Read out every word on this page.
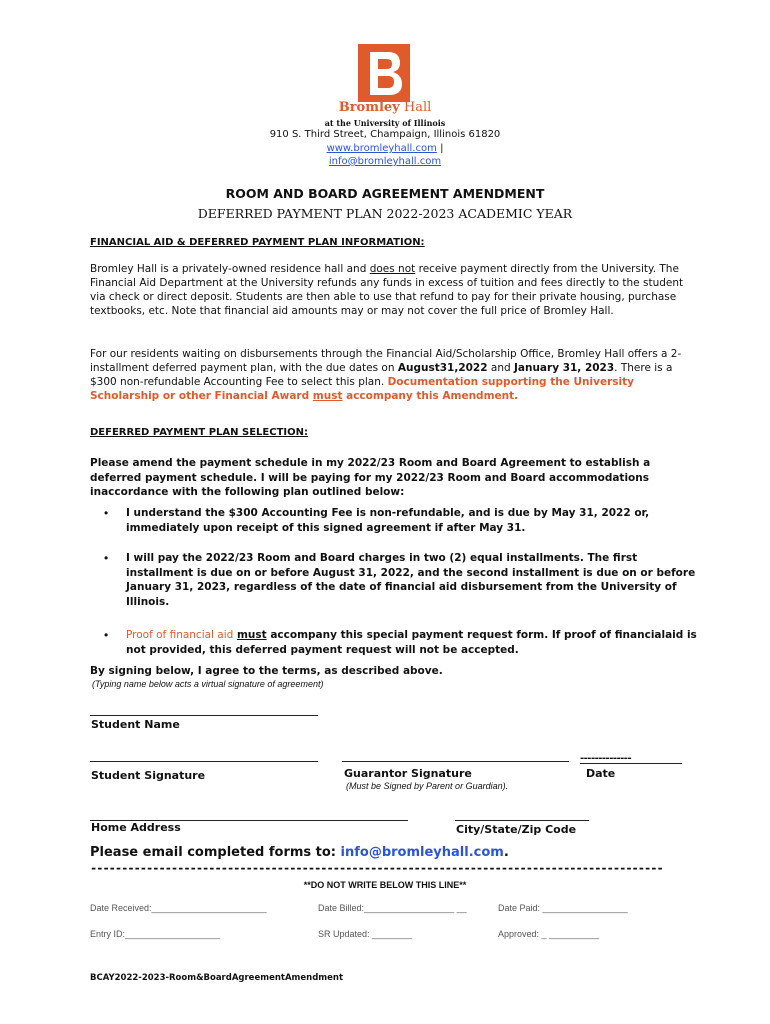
Bromley Hall
at the University of Illinois
910 S. Third Street, Champaign, Illinois 61820
www.bromleyhall.com |
info@bromleyhall.com
ROOM AND BOARD AGREEMENT AMENDMENT
DEFERRED PAYMENT PLAN 2022-2023 ACADEMIC YEAR
FINANCIAL AID & DEFERRED PAYMENT PLAN INFORMATION:
Bromley Hall is a privately-owned residence hall and does not receive payment directly from the University. The Financial Aid Department at the University refunds any funds in excess of tuition and fees directly to the student via check or direct deposit. Students are then able to use that refund to pay for their private housing, purchase textbooks, etc. Note that financial aid amounts may or may not cover the full price of Bromley Hall.
For our residents waiting on disbursements through the Financial Aid/Scholarship Office, Bromley Hall offers a 2-installment deferred payment plan, with the due dates on August31,2022 and January 31, 2023. There is a $300 non-refundable Accounting Fee to select this plan. Documentation supporting the University Scholarship or other Financial Award must accompany this Amendment.
DEFERRED PAYMENT PLAN SELECTION:
Please amend the payment schedule in my 2022/23 Room and Board Agreement to establish a deferred payment schedule. I will be paying for my 2022/23 Room and Board accommodations inaccordance with the following plan outlined below:
• I understand the $300 Accounting Fee is non-refundable, and is due by May 31, 2022 or, immediately upon receipt of this signed agreement if after May 31.
• I will pay the 2022/23 Room and Board charges in two (2) equal installments. The first installment is due on or before August 31, 2022, and the second installment is due on or before January 31, 2023, regardless of the date of financial aid disbursement from the University of Illinois.
• Proof of financial aid must accompany this special payment request form. If proof of financialaid is not provided, this deferred payment request will not be accepted.
By signing below, I agree to the terms, as described above.
(Typing name below acts a virtual signature of agreement)
Student Name
Student Signature	Guarantor Signature
(Must be Signed by Parent or Guardian).
--------------
Date
Home Address	City/State/Zip Code
Please email completed forms to: info@bromleyhall.com.
--------------------------------------------------------------------------------------------
**DO NOT WRITE BELOW THIS LINE**
Date Received:_______________________	Date Billed:__________________ __	Date Paid: _________________
Entry ID:___________________	SR Updated: ________	Approved: _ __________
BCAY2022-2023-Room&BoardAgreementAmendment
